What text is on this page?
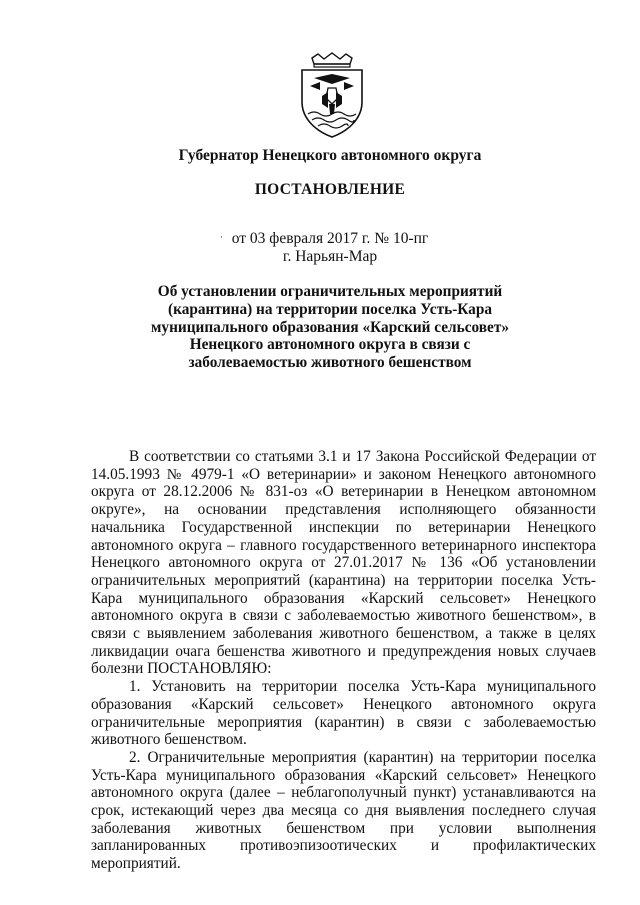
Губернатор Ненецкого автономного округа
ПОСТАНОВЛЕНИЕ
от 03 февраля 2017 г. № 10-пг
г. Нарьян-Мар
Об установлении ограничительных мероприятий
(карантина) на территории поселка Усть-Кара
муниципального образования «Карский сельсовет»
Ненецкого автономного округа в связи с
заболеваемостью животного бешенством

В соответствии со статьями 3.1 и 17 Закона Российской Федерации от 14.05.1993 № 4979-1 «О ветеринарии» и законом Ненецкого автономного округа от 28.12.2006 № 831-оз «О ветеринарии в Ненецком автономном округе», на основании представления исполняющего обязанности начальника Государственной инспекции по ветеринарии Ненецкого автономного округа – главного государственного ветеринарного инспектора Ненецкого автономного округа от 27.01.2017 № 136 «Об установлении ограничительных мероприятий (карантина) на территории поселка Усть-Кара муниципального образования «Карский сельсовет» Ненецкого автономного округа в связи с заболеваемостью животного бешенством», в связи с выявлением заболевания животного бешенством, а также в целях ликвидации очага бешенства животного и предупреждения новых случаев болезни ПОСТАНОВЛЯЮ:

1. Установить на территории поселка Усть-Кара муниципального образования «Карский сельсовет» Ненецкого автономного округа ограничительные мероприятия (карантин) в связи с заболеваемостью животного бешенством.

2. Ограничительные мероприятия (карантин) на территории поселка Усть-Кара муниципального образования «Карский сельсовет» Ненецкого автономного округа (далее – неблагополучный пункт) устанавливаются на срок, истекающий через два месяца со дня выявления последнего случая заболевания животных бешенством при условии выполнения запланированных противоэпизоотических и профилактических мероприятий.
